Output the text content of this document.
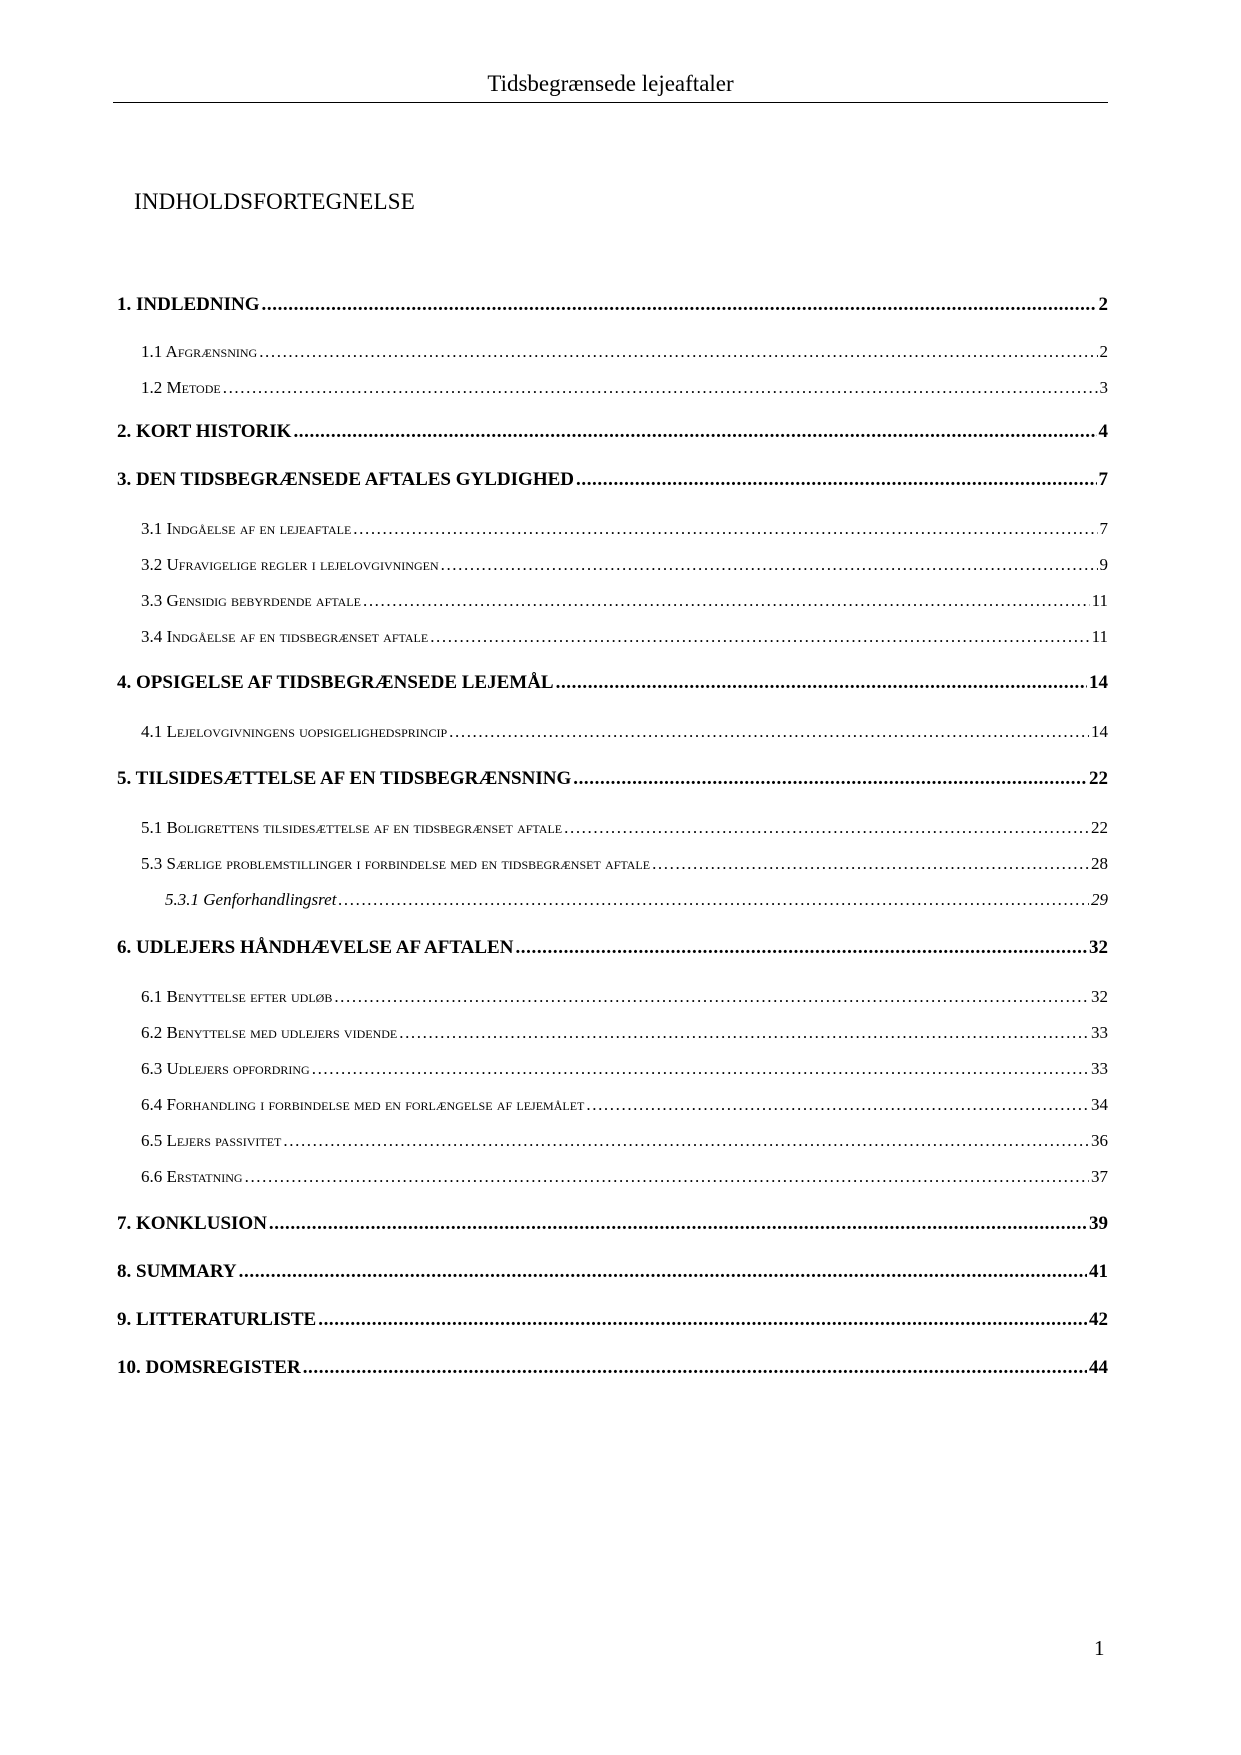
Tidsbegrænsede lejeaftaler
INDHOLDSFORTEGNELSE
1. INDLEDNING .....	2
1.1 Afgrænsning .....	2
1.2 Metode .....	3
2. KORT HISTORIK .....	4
3. DEN TIDSBEGRÆNSEDE AFTALES GYLDIGHED .....	7
3.1 Indgåelse af en lejeaftale .....	7
3.2 Ufravigelige regler i lejelovgivningen .....	9
3.3 Gensidig bebyrdende aftale .....	11
3.4 Indgåelse af en tidsbegrænset aftale .....	11
4. OPSIGELSE AF TIDSBEGRÆNSEDE LEJEMÅL .....	14
4.1 Lejelovgivningens uopsigelighedsprincip .....	14
5. TILSIDESÆTTELSE AF EN TIDSBEGRÆNSNING .....	22
5.1 Boligrettens tilsidesættelse af en tidsbegrænset aftale .....	22
5.3 Særlige problemstillinger i forbindelse med en tidsbegrænset aftale .....	28
5.3.1 Genforhandlingsret .....	29
6. UDLEJERS HÅNDHÆVELSE AF AFTALEN .....	32
6.1 Benyttelse efter udløb .....	32
6.2 Benyttelse med udlejers vidende .....	33
6.3 Udlejers opfordring .....	33
6.4 Forhandling i forbindelse med en forlængelse af lejemålet .....	34
6.5 Lejers passivitet .....	36
6.6 Erstatning .....	37
7. KONKLUSION .....	39
8. SUMMARY .....	41
9. LITTERATURLISTE .....	42
10. DOMSREGISTER .....	44
1
